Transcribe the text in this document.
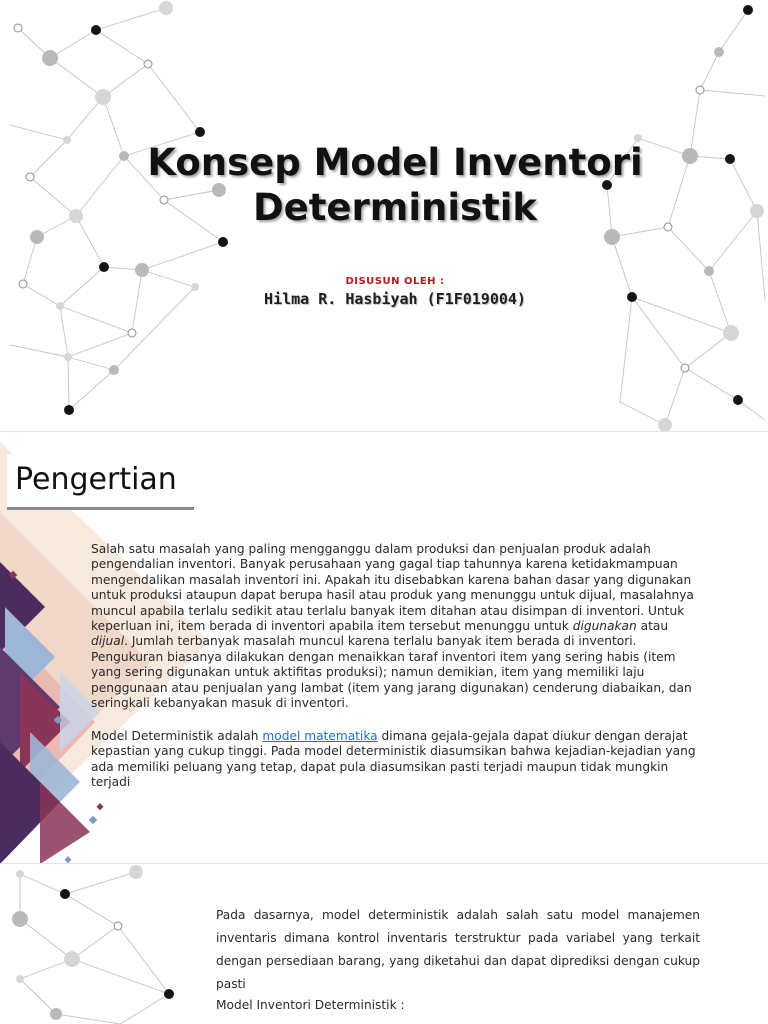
Konsep Model Inventori
Deterministik
DISUSUN OLEH :
Hilma R. Hasbiyah (F1F019004)
Pengertian

Salah satu masalah yang paling mengganggu dalam produksi dan penjualan produk adalah pengendalian inventori. Banyak perusahaan yang gagal tiap tahunnya karena ketidakmampuan mengendalikan masalah inventori ini. Apakah itu disebabkan karena bahan dasar yang digunakan untuk produksi ataupun dapat berupa hasil atau produk yang menunggu untuk dijual, masalahnya muncul apabila terlalu sedikit atau terlalu banyak item ditahan atau disimpan di inventori. Untuk keperluan ini, item berada di inventori apabila item tersebut menunggu untuk digunakan atau dijual. Jumlah terbanyak masalah muncul karena terlalu banyak item berada di inventori. Pengukuran biasanya dilakukan dengan menaikkan taraf inventori item yang sering habis (item yang sering digunakan untuk aktifitas produksi); namun demikian, item yang memiliki laju penggunaan atau penjualan yang lambat (item yang jarang digunakan) cenderung diabaikan, dan seringkali kebanyakan masuk di inventori.

Model Deterministik adalah model matematika dimana gejala-gejala dapat diukur dengan derajat kepastian yang cukup tinggi. Pada model deterministik diasumsikan bahwa kejadian-kejadian yang ada memiliki peluang yang tetap, dapat pula diasumsikan pasti terjadi maupun tidak mungkin terjadi

Pada dasarnya, model deterministik adalah salah satu model manajemen inventaris dimana kontrol inventaris terstruktur pada variabel yang terkait dengan persediaan barang, yang diketahui dan dapat diprediksi dengan cukup pasti

Model Inventori Deterministik :
